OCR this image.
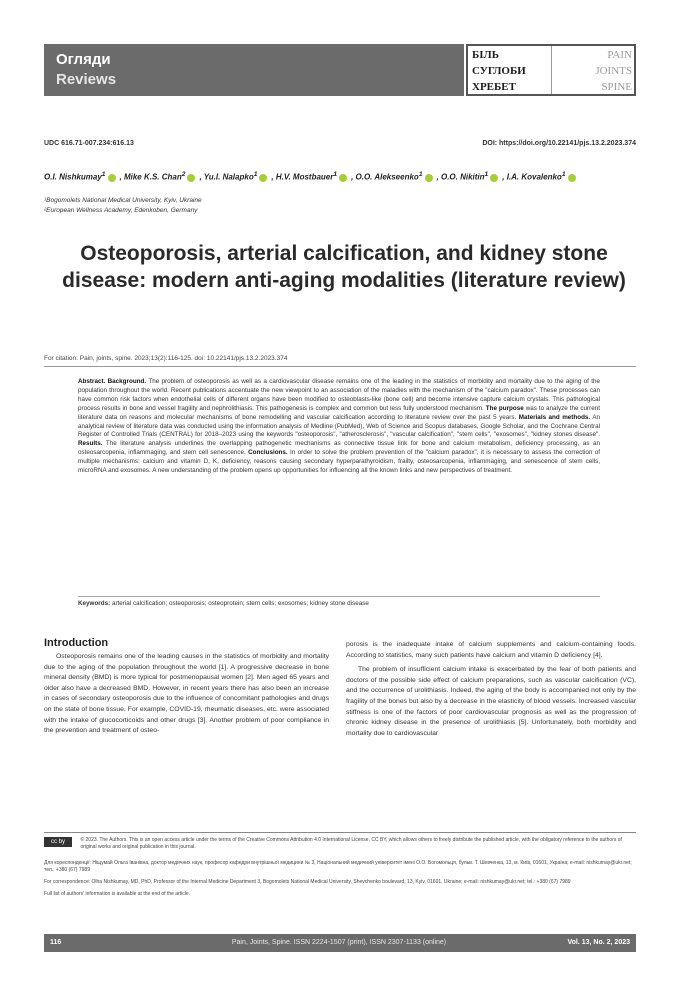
Огляди
Reviews
БІЛЬ
СУГЛОБИ
ХРЕБЕТ
PAIN
JOINTS
SPINE
UDC 616.71-007.234:616.13	DOI: https://doi.org/10.22141/pjs.13.2.2023.374
O.I. Nishkumay$^1$ , Mike K.S. Chan$^2$ , Yu.I. Nalapko$^1$ , H.V. Mostbauer$^1$ , O.O. Alekseenko$^1$ , O.O. Nikitin$^1$ , I.A. Kovalenko$^1$
¹Bogomolets National Medical University, Kyiv, Ukraine
²European Wellness Academy, Edenkoben, Germany
Osteoporosis, arterial calcification, and kidney stone disease: modern anti-aging modalities (literature review)
For citation: Pain, joints, spine. 2023;13(2):116-125. doi: 10.22141/pjs.13.2.2023.374
Abstract. Background. The problem of osteoporosis as well as a cardiovascular disease remains one of the leading in the statistics of morbidity and mortality due to the aging of the population throughout the world. Recent publications accentuate the new viewpoint to an association of the maladies with the mechanism of the "calcium paradox". These processes can have common risk factors when endothelial cells of different organs have been modified to osteoblasts-like (bone cell) and become intensive capture calcium crystals. This pathological process results in bone and vessel fragility and nephrolithiasis. This pathogenesis is complex and common but less fully understood mechanism. The purpose was to analyze the current literature data on reasons and molecular mechanisms of bone remodelling and vascular calcification according to literature review over the past 5 years. Materials and methods. An analytical review of literature data was conducted using the information analysis of Medline (PubMed), Web of Science and Scopus databases, Google Scholar, and the Cochrane Central Register of Controlled Trials (CENTRAL) for 2018–2023 using the keywords "osteoporosis", "atherosclerosis", "vascular calcification", "stem cells", "exosomes", "kidney stones disease". Results. The literature analysis underlines the overlapping pathogenetic mechanisms as connective tissue link for bone and calcium metabolism, deficiency processing, as an osteosarcopenia, inflammaging, and stem cell senescence. Conclusions. In order to solve the problem prevention of the "calcium paradox", it is necessary to assess the correction of multiple mechanisms: calcium and vitamin D, K, deficiency, reasons causing secondary hyperparathyroidism, frailty, osteosarcopenia, inflammaging, and senescence of stem cells, microRNA and exosomes. A new understanding of the problem opens up opportunities for influencing all the known links and new perspectives of treatment.
Keywords: arterial calcification; osteoporosis; osteoprotein; stem cells; exosomes; kidney stone disease
Introduction

Osteoporosis remains one of the leading causes in the statistics of morbidity and mortality due to the aging of the population throughout the world [1]. A progressive decrease in bone mineral density (BMD) is more typical for postmenopausal women [2]. Men aged 65 years and older also have a decreased BMD. However, in recent years there has also been an increase in cases of secondary osteoporosis due to the influence of concomitant pathologies and drugs on the state of bone tissue. For example, COVID-19, rheumatic diseases, etc. were associated with the intake of glucocorticoids and other drugs [3]. Another problem of poor compliance in the prevention and treatment of osteo-

porosis is the inadequate intake of calcium supplements and calcium-containing foods. According to statistics, many such patients have calcium and vitamin D deficiency [4].

The problem of insufficient calcium intake is exacerbated by the fear of both patients and doctors of the possible side effect of calcium preparations, such as vascular calcification (VC), and the occurrence of urolithiasis. Indeed, the aging of the body is accompanied not only by the fragility of the bones but also by a decrease in the elasticity of blood vessels. Increased vascular stiffness is one of the factors of poor cardiovascular prognosis as well as the progression of chronic kidney disease in the presence of urolithiasis [5]. Unfortunately, both morbidity and mortality due to cardiovascular

cc by	© 2023. The Authors. This is an open access article under the terms of the Creative Commons Attribution 4.0 International License, CC BY, which allows others to freely distribute the published article, with the obligatory reference to the authors of original works and original publication in this journal.
Для кореспонденції: Ніщумай Ольга Іванівна, доктор медичних наук, професор кафедри внутрішньої медицини № 3, Національний медичний університет імені О.О. Богомольця, бульв. Т. Шевченка, 13, м. Київ, 01601, Україна; e-mail: nishkumay@ukr.net; тел.: +380 (67) 7989
For correspondence: Olha Nishkumay, MD, PhD, Professor of the Internal Medicine Department 3, Bogomolets National Medical University, Shevchenko boulevard, 13, Kyiv, 01601, Ukraine; e-mail: nishkumay@ukr.net; tel.: +380 (67) 7989
Full list of authors' information is available at the end of the article.
116	Pain, Joints, Spine. ISSN 2224-1507 (print), ISSN 2307-1133 (online)	Vol. 13, No. 2, 2023
